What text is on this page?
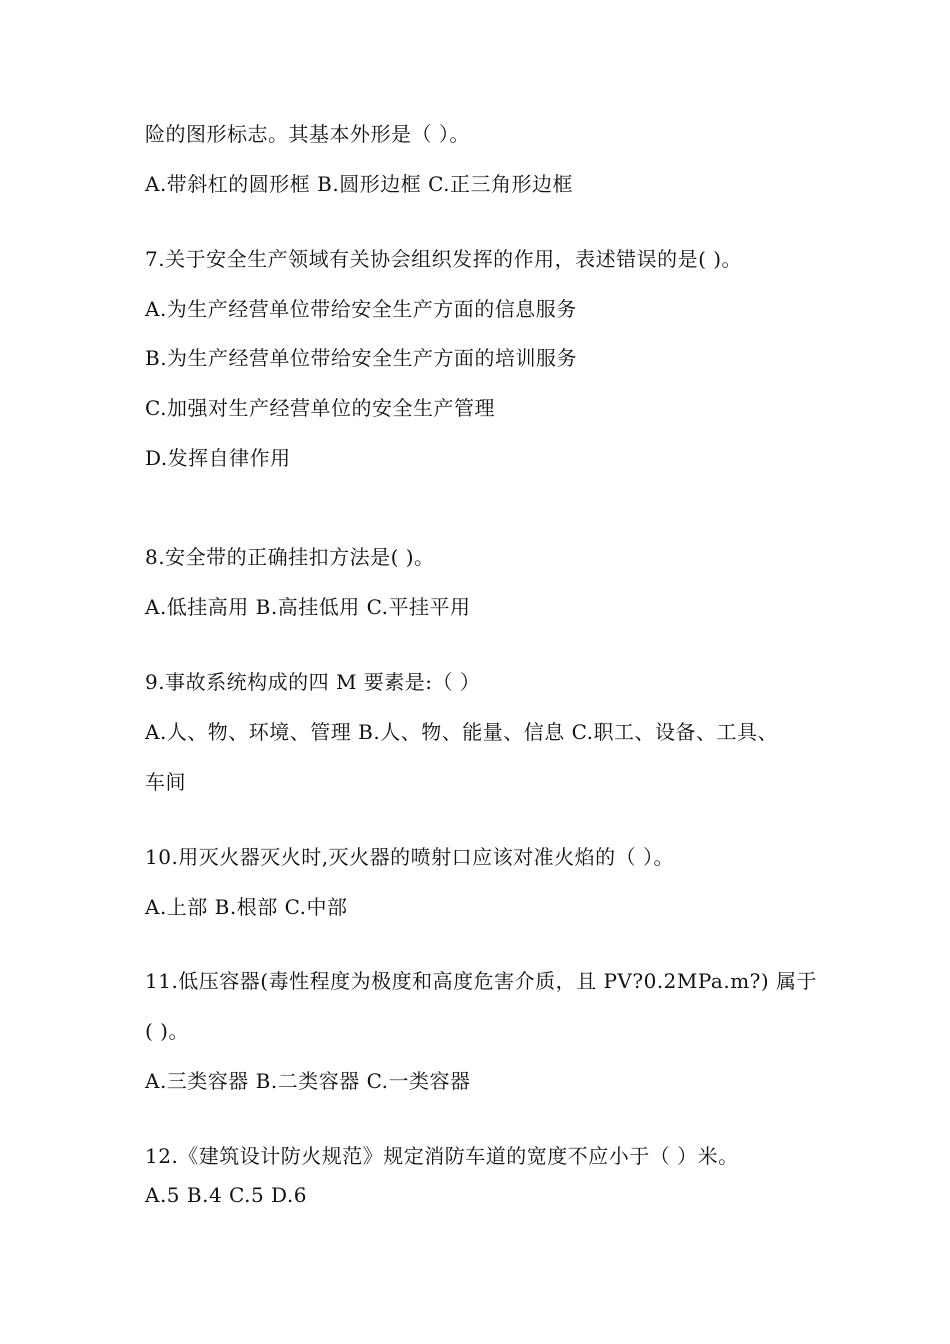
险的图形标志。其基本外形是（ ）。
A.带斜杠的圆形框 B.圆形边框 C.正三角形边框
7.关于安全生产领域有关协会组织发挥的作用，表述错误的是( )。
A.为生产经营单位带给安全生产方面的信息服务
B.为生产经营单位带给安全生产方面的培训服务
C.加强对生产经营单位的安全生产管理
D.发挥自律作用
8.安全带的正确挂扣方法是( )。
A.低挂高用 B.高挂低用 C.平挂平用
9.事故系统构成的四 M 要素是:（ ）
A.人、物、环境、管理 B.人、物、能量、信息 C.职工、设备、工具、
车间
10.用灭火器灭火时,灭火器的喷射口应该对准火焰的（ ）。
A.上部 B.根部 C.中部
11.低压容器(毒性程度为极度和高度危害介质，且 PV?0.2MPa.m?) 属于
( )。
A.三类容器 B.二类容器 C.一类容器
12.《建筑设计防火规范》规定消防车道的宽度不应小于（ ）米。
A.5 B.4 C.5 D.6
